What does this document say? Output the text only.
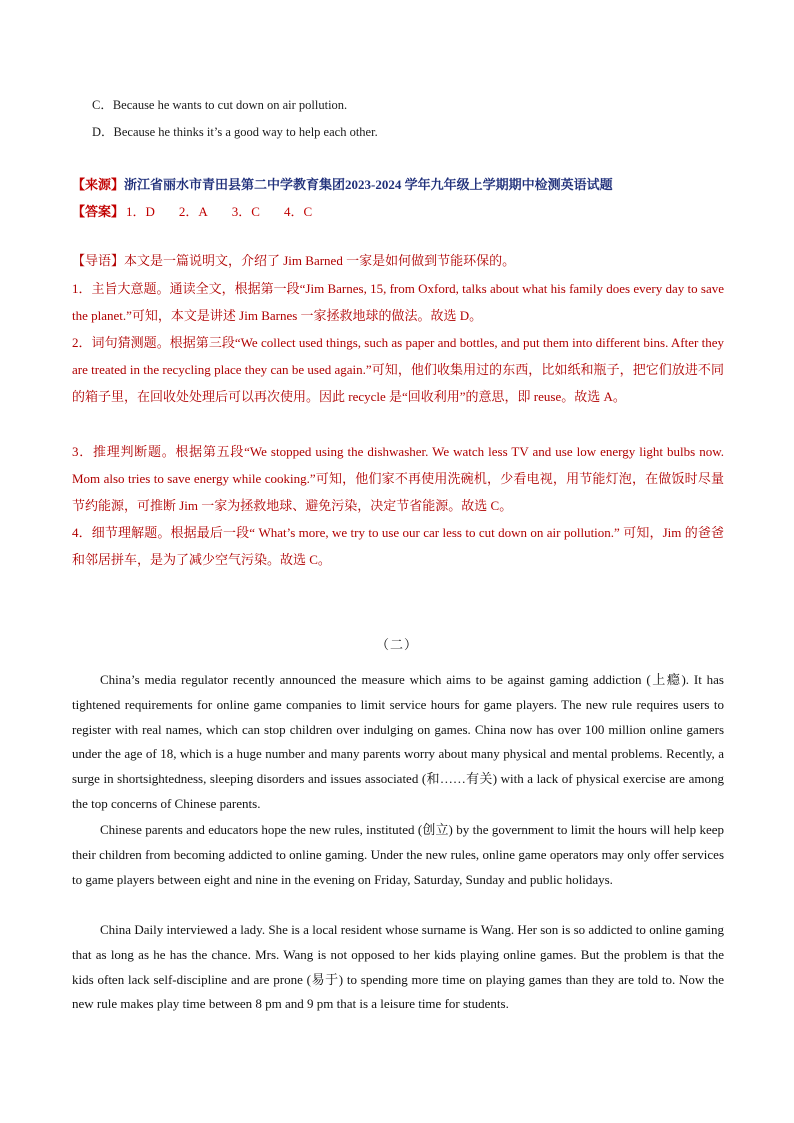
C．Because he wants to cut down on air pollution.
D．Because he thinks it’s a good way to help each other.
【来源】浙江省丽水市青田县第二中学教育集团2023-2024 学年九年级上学期期中检测英语试题
【答案】 1．D 2．A 3．C 4．C

【导语】本文是一篇说明文，介绍了 Jim Barned 一家是如何做到节能环保的。

1．主旨大意题。通读全文，根据第一段“Jim Barnes, 15, from Oxford, talks about what his family does every day to save the planet.”可知，本文是讲述 Jim Barnes 一家拯救地球的做法。故选 D。

2．词句猜测题。根据第三段“We collect used things, such as paper and bottles, and put them into different bins. After they are treated in the recycling place they can be used again.”可知，他们收集用过的东西，比如纸和瓶子，把它们放进不同的箱子里，在回收处处理后可以再次使用。因此 recycle 是“回收利用”的意思，即 reuse。故选 A。

3．推理判断题。根据第五段“We stopped using the dishwasher. We watch less TV and use low energy light bulbs now. Mom also tries to save energy while cooking.”可知，他们家不再使用洗碗机，少看电视，用节能灯泡，在做饭时尽量节约能源，可推断 Jim 一家为拯救地球、避免污染，决定节省能源。故选 C。

4．细节理解题。根据最后一段“ What’s more, we try to use our car less to cut down on air pollution.” 可知，Jim 的爸爸和邻居拼车，是为了减少空气污染。故选 C。

（二）

China’s media regulator recently announced the measure which aims to be against gaming addiction (上瘾). It has tightened requirements for online game companies to limit service hours for game players. The new rule requires users to register with real names, which can stop children over indulging on games. China now has over 100 million online gamers under the age of 18, which is a huge number and many parents worry about many physical and mental problems. Recently, a surge in shortsightedness, sleeping disorders and issues associated (和……有关) with a lack of physical exercise are among the top concerns of Chinese parents.

Chinese parents and educators hope the new rules, instituted (创立) by the government to limit the hours will help keep their children from becoming addicted to online gaming. Under the new rules, online game operators may only offer services to game players between eight and nine in the evening on Friday, Saturday, Sunday and public holidays.

China Daily interviewed a lady. She is a local resident whose surname is Wang. Her son is so addicted to online gaming that as long as he has the chance. Mrs. Wang is not opposed to her kids playing online games. But the problem is that the kids often lack self-discipline and are prone (易于) to spending more time on playing games than they are told to. Now the new rule makes play time between 8 pm and 9 pm that is a leisure time for students.
